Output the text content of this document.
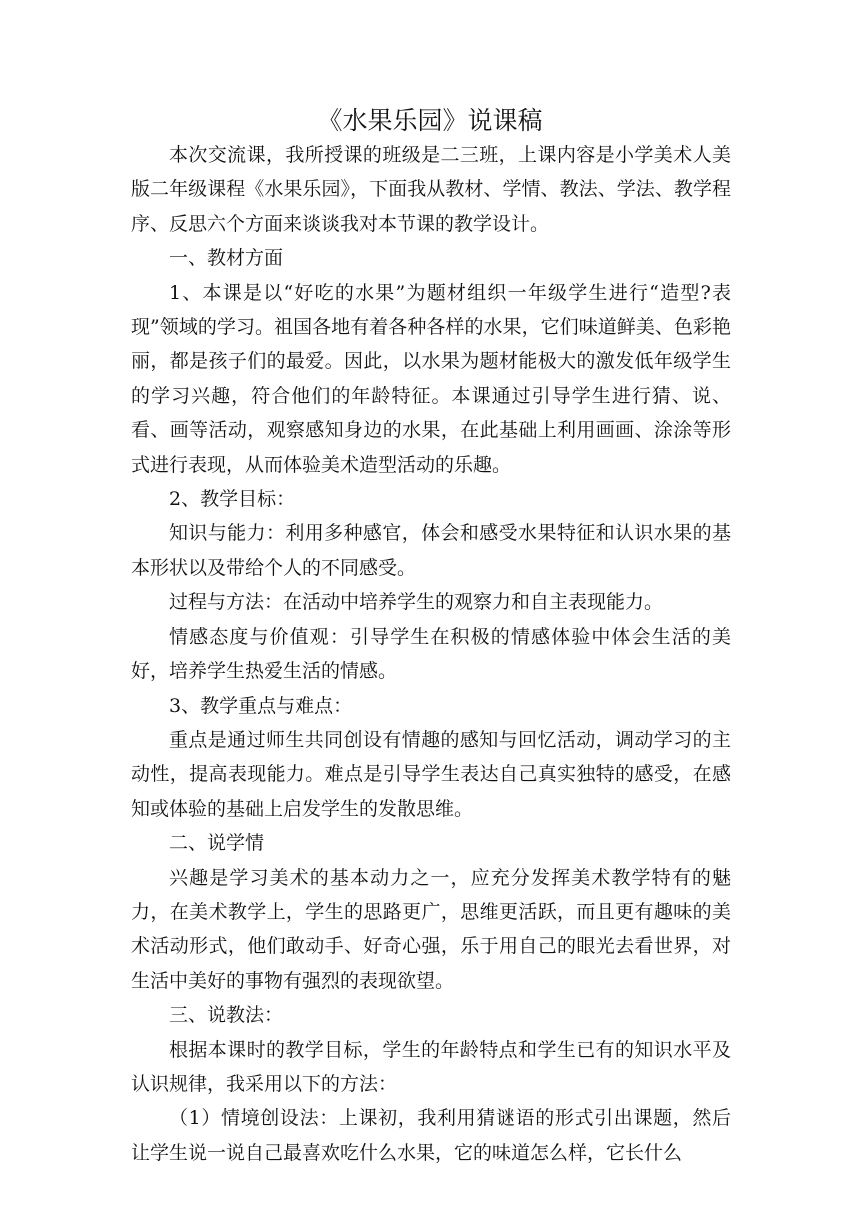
《水果乐园》说课稿

本次交流课，我所授课的班级是二三班，上课内容是小学美术人美版二年级课程《水果乐园》，下面我从教材、学情、教法、学法、教学程序、反思六个方面来谈谈我对本节课的教学设计。

一、教材方面

1、本课是以“好吃的水果”为题材组织一年级学生进行“造型?表现”领域的学习。祖国各地有着各种各样的水果，它们味道鲜美、色彩艳丽，都是孩子们的最爱。因此，以水果为题材能极大的激发低年级学生的学习兴趣，符合他们的年龄特征。本课通过引导学生进行猜、说、看、画等活动，观察感知身边的水果，在此基础上利用画画、涂涂等形式进行表现，从而体验美术造型活动的乐趣。

2、教学目标：

知识与能力：利用多种感官，体会和感受水果特征和认识水果的基本形状以及带给个人的不同感受。

过程与方法：在活动中培养学生的观察力和自主表现能力。

情感态度与价值观：引导学生在积极的情感体验中体会生活的美好，培养学生热爱生活的情感。

3、教学重点与难点：

重点是通过师生共同创设有情趣的感知与回忆活动，调动学习的主动性，提高表现能力。难点是引导学生表达自己真实独特的感受，在感知或体验的基础上启发学生的发散思维。

二、说学情

兴趣是学习美术的基本动力之一，应充分发挥美术教学特有的魅力，在美术教学上，学生的思路更广，思维更活跃，而且更有趣味的美术活动形式，他们敢动手、好奇心强，乐于用自己的眼光去看世界，对生活中美好的事物有强烈的表现欲望。

三、说教法：

根据本课时的教学目标，学生的年龄特点和学生已有的知识水平及认识规律，我采用以下的方法：

（1）情境创设法：上课初，我利用猜谜语的形式引出课题，然后让学生说一说自己最喜欢吃什么水果，它的味道怎么样，它长什么
